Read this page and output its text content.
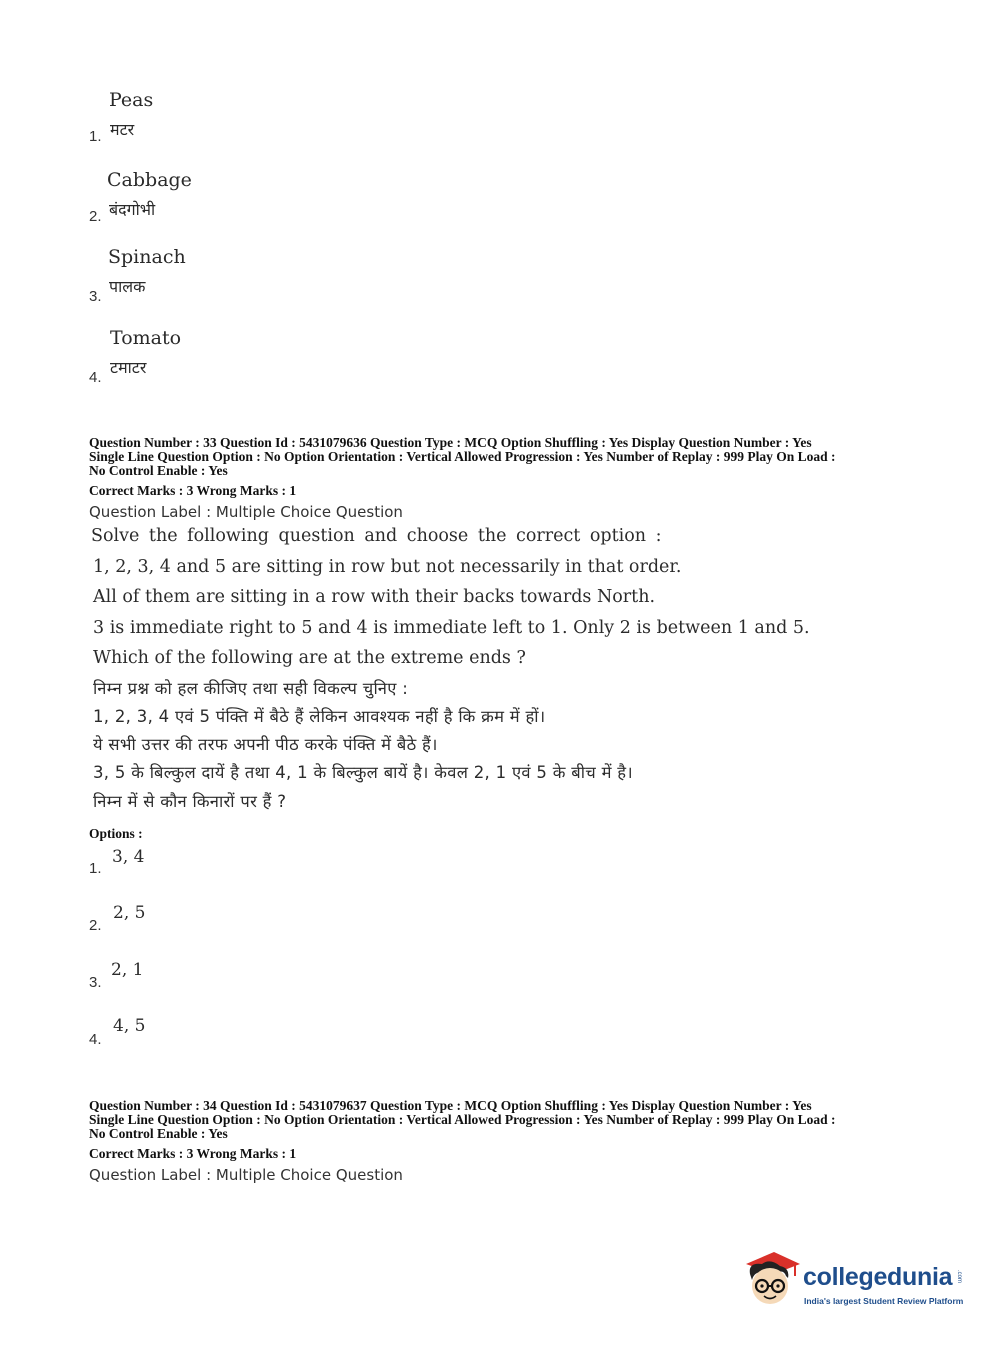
Peas
मटर
1.
Cabbage
बंदगोभी
2.
Spinach
पालक
3.
Tomato
टमाटर
4.
Question Number : 33 Question Id : 5431079636 Question Type : MCQ Option Shuffling : Yes Display Question Number : Yes
Single Line Question Option : No Option Orientation : Vertical Allowed Progression : Yes Number of Replay : 999 Play On Load :
No Control Enable : Yes
Correct Marks : 3 Wrong Marks : 1
Question Label : Multiple Choice Question
Solve the following question and choose the correct option :
1, 2, 3, 4 and 5 are sitting in row but not necessarily in that order.
All of them are sitting in a row with their backs towards North.
3 is immediate right to 5 and 4 is immediate left to 1. Only 2 is between 1 and 5.
Which of the following are at the extreme ends ?
निम्न प्रश्न को हल कीजिए तथा सही विकल्प चुनिए :
1, 2, 3, 4 एवं 5 पंक्ति में बैठे हैं लेकिन आवश्यक नहीं है कि क्रम में हों।
ये सभी उत्तर की तरफ अपनी पीठ करके पंक्ति में बैठे हैं।
3, 5 के बिल्कुल दायें है तथा 4, 1 के बिल्कुल बायें है। केवल 2, 1 एवं 5 के बीच में है।
निम्न में से कौन किनारों पर हैं ?
Options :
3, 4
1.
2, 5
2.
2, 1
3.
4, 5
4.
Question Number : 34 Question Id : 5431079637 Question Type : MCQ Option Shuffling : Yes Display Question Number : Yes
Single Line Question Option : No Option Orientation : Vertical Allowed Progression : Yes Number of Replay : 999 Play On Load :
No Control Enable : Yes
Correct Marks : 3 Wrong Marks : 1
Question Label : Multiple Choice Question
collegedunia .com
India's largest Student Review Platform
